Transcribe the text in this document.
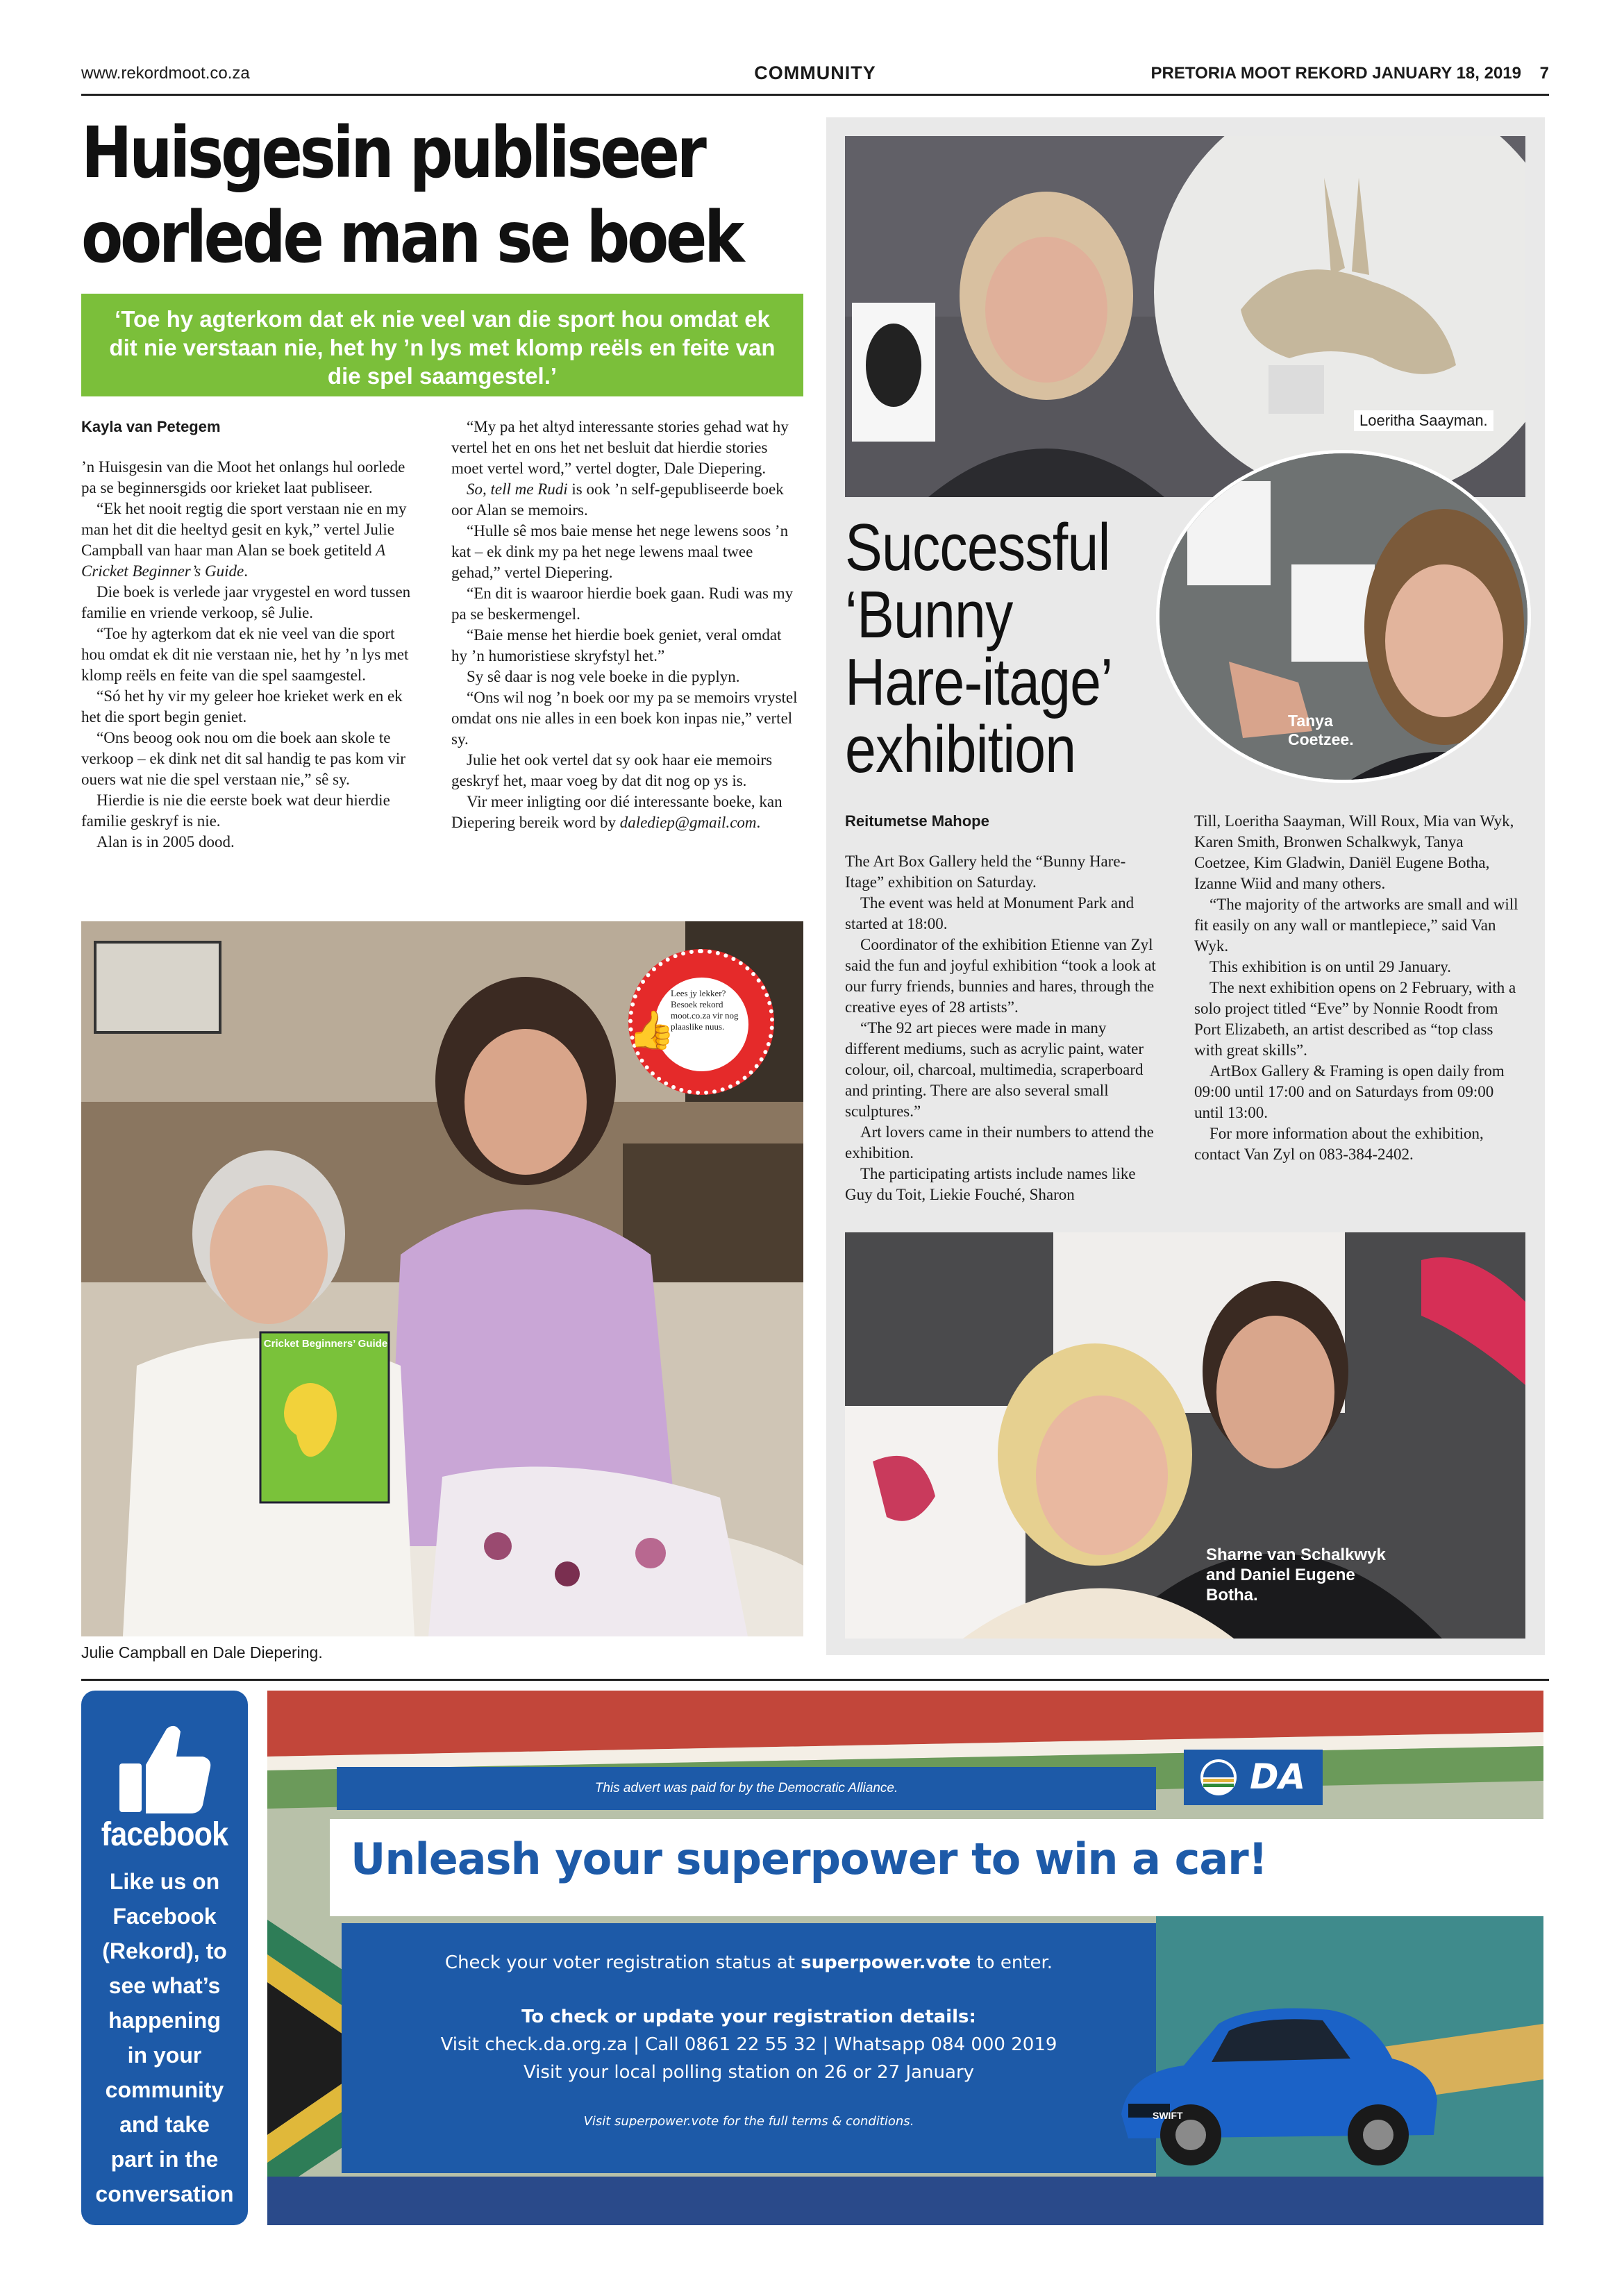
www.rekordmoot.co.za	COMMUNITY	PRETORIA MOOT REKORD JANUARY 18, 2019 7
Huisgesin publiseer
oorlede man se boek
‘Toe hy agterkom dat ek nie veel van die sport hou omdat ek dit nie verstaan nie, het hy ’n lys met klomp reëls en feite van die spel saamgestel.’
Kayla van Petegem

’n Huisgesin van die Moot het onlangs hul oorlede pa se beginnersgids oor krieket laat publiseer.

“Ek het nooit regtig die sport verstaan nie en my man het dit die heeltyd gesit en kyk,” vertel Julie Campball van haar man Alan se boek getiteld A Cricket Beginner’s Guide.

Die boek is verlede jaar vrygestel en word tussen familie en vriende verkoop, sê Julie.

“Toe hy agterkom dat ek nie veel van die sport hou omdat ek dit nie verstaan nie, het hy ’n lys met klomp reëls en feite van die spel saamgestel.

“Só het hy vir my geleer hoe krieket werk en ek het die sport begin geniet.

“Ons beoog ook nou om die boek aan skole te verkoop – ek dink net dit sal handig te pas kom vir ouers wat nie die spel verstaan nie,” sê sy.

Hierdie is nie die eerste boek wat deur hierdie familie geskryf is nie.

Alan is in 2005 dood.

“My pa het altyd interessante stories gehad wat hy vertel het en ons het net besluit dat hierdie stories moet vertel word,” vertel dogter, Dale Diepering.

So, tell me Rudi is ook ’n self-gepubliseerde boek oor Alan se memoirs.

“Hulle sê mos baie mense het nege lewens soos ’n kat – ek dink my pa het nege lewens maal twee gehad,” vertel Diepering.

“En dit is waaroor hierdie boek gaan. Rudi was my pa se beskermengel.

“Baie mense het hierdie boek geniet, veral omdat hy ’n humoristiese skryfstyl het.”

Sy sê daar is nog vele boeke in die pyplyn.

“Ons wil nog ’n boek oor my pa se memoirs vrystel omdat ons nie alles in een boek kon inpas nie,” vertel sy.

Julie het ook vertel dat sy ook haar eie memoirs geskryf het, maar voeg by dat dit nog op ys is.

Vir meer inligting oor dié interessante boeke, kan Diepering bereik word by dalediep@gmail.com.

Cricket Beginners’ Guide
Lees jy lekker? Besoek rekord moot.co.za vir nog plaaslike nuus.
👍
Julie Campball en Dale Diepering.
Loeritha Saayman.
Tanya
Coetzee.
Successful
‘Bunny
Hare-itage’
exhibition
Reitumetse Mahope

The Art Box Gallery held the “Bunny Hare-Itage” exhibition on Saturday.

The event was held at Monument Park and started at 18:00.

Coordinator of the exhibition Etienne van Zyl said the fun and joyful exhibition “took a look at our furry friends, bunnies and hares, through the creative eyes of 28 artists”.

“The 92 art pieces were made in many different mediums, such as acrylic paint, water colour, oil, charcoal, multimedia, scraperboard and printing. There are also several small sculptures.”

Art lovers came in their numbers to attend the exhibition.

The participating artists include names like Guy du Toit, Liekie Fouché, Sharon

Till, Loeritha Saayman, Will Roux, Mia van Wyk, Karen Smith, Bronwen Schalkwyk, Tanya Coetzee, Kim Gladwin, Daniël Eugene Botha, Izanne Wiid and many others.

“The majority of the artworks are small and will fit easily on any wall or mantlepiece,” said Van Wyk.

This exhibition is on until 29 January.

The next exhibition opens on 2 February, with a solo project titled “Eve” by Nonnie Roodt from Port Elizabeth, an artist described as “top class with great skills”.

ArtBox Gallery & Framing is open daily from 09:00 until 17:00 and on Saturdays from 09:00 until 13:00.

For more information about the exhibition, contact Van Zyl on 083-384-2402.

Sharne van Schalkwyk
and Daniel Eugene
Botha.
facebook
Like us on
Facebook
(Rekord), to
see what’s
happening
in your
community
and take
part in the
conversation
This advert was paid for by the Democratic Alliance.	DA
Unleash your superpower to win a car!
Check your voter registration status at superpower.vote to enter.
To check or update your registration details:
Visit check.da.org.za | Call 0861 22 55 32 | Whatsapp 084 000 2019
Visit your local polling station on 26 or 27 January
Visit superpower.vote for the full terms & conditions.	SWIFT
